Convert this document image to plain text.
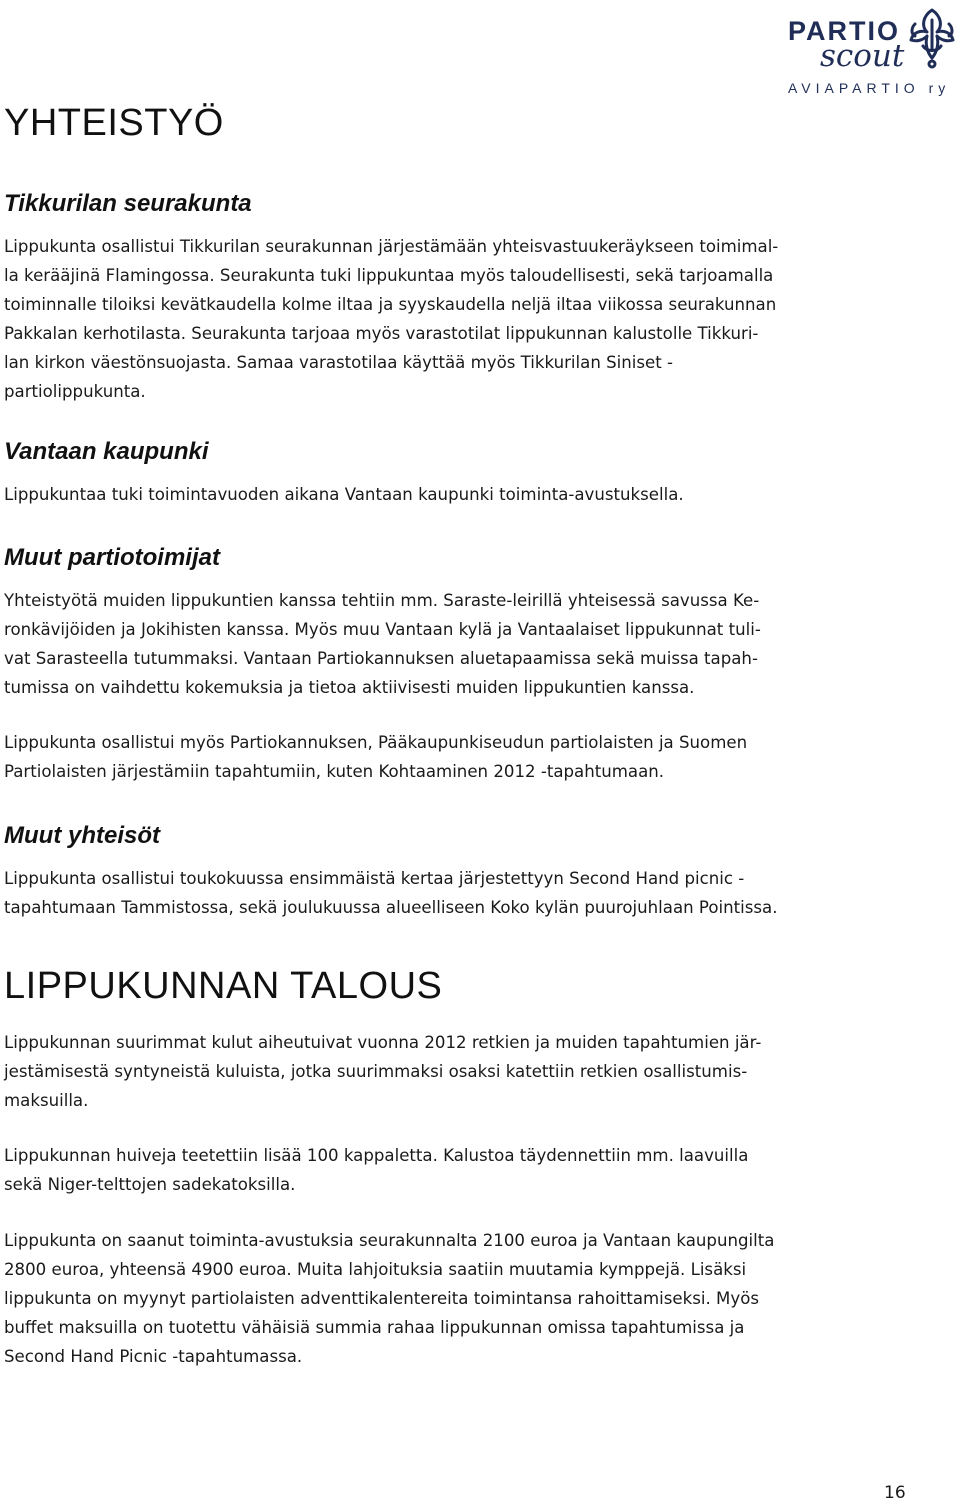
PARTIO
scout
AVIAPARTIO ry
YHTEISTYÖ
Tikkurilan seurakunta

Lippukunta osallistui Tikkurilan seurakunnan järjestämään yhteisvastuukeräykseen toimimal-
la kerääjinä Flamingossa. Seurakunta tuki lippukuntaa myös taloudellisesti, sekä tarjoamalla
toiminnalle tiloiksi kevätkaudella kolme iltaa ja syyskaudella neljä iltaa viikossa seurakunnan
Pakkalan kerhotilasta. Seurakunta tarjoaa myös varastotilat lippukunnan kalustolle Tikkuri-
lan kirkon väestönsuojasta. Samaa varastotilaa käyttää myös Tikkurilan Siniset -
partiolippukunta.

Vantaan kaupunki

Lippukuntaa tuki toimintavuoden aikana Vantaan kaupunki toiminta-avustuksella.

Muut partiotoimijat

Yhteistyötä muiden lippukuntien kanssa tehtiin mm. Saraste-leirillä yhteisessä savussa Ke-
ronkävijöiden ja Jokihisten kanssa. Myös muu Vantaan kylä ja Vantaalaiset lippukunnat tuli-
vat Sarasteella tutummaksi. Vantaan Partiokannuksen aluetapaamissa sekä muissa tapah-
tumissa on vaihdettu kokemuksia ja tietoa aktiivisesti muiden lippukuntien kanssa.

Lippukunta osallistui myös Partiokannuksen, Pääkaupunkiseudun partiolaisten ja Suomen
Partiolaisten järjestämiin tapahtumiin, kuten Kohtaaminen 2012 -tapahtumaan.

Muut yhteisöt

Lippukunta osallistui toukokuussa ensimmäistä kertaa järjestettyyn Second Hand picnic -
tapahtumaan Tammistossa, sekä joulukuussa alueelliseen Koko kylän puurojuhlaan Pointissa.

LIPPUKUNNAN TALOUS

Lippukunnan suurimmat kulut aiheutuivat vuonna 2012 retkien ja muiden tapahtumien jär-
jestämisestä syntyneistä kuluista, jotka suurimmaksi osaksi katettiin retkien osallistumis-
maksuilla.

Lippukunnan huiveja teetettiin lisää 100 kappaletta. Kalustoa täydennettiin mm. laavuilla
sekä Niger-telttojen sadekatoksilla.

Lippukunta on saanut toiminta-avustuksia seurakunnalta 2100 euroa ja Vantaan kaupungilta
2800 euroa, yhteensä 4900 euroa. Muita lahjoituksia saatiin muutamia kymppejä. Lisäksi
lippukunta on myynyt partiolaisten adventtikalentereita toimintansa rahoittamiseksi. Myös
buffet maksuilla on tuotettu vähäisiä summia rahaa lippukunnan omissa tapahtumissa ja
Second Hand Picnic -tapahtumassa.

16
